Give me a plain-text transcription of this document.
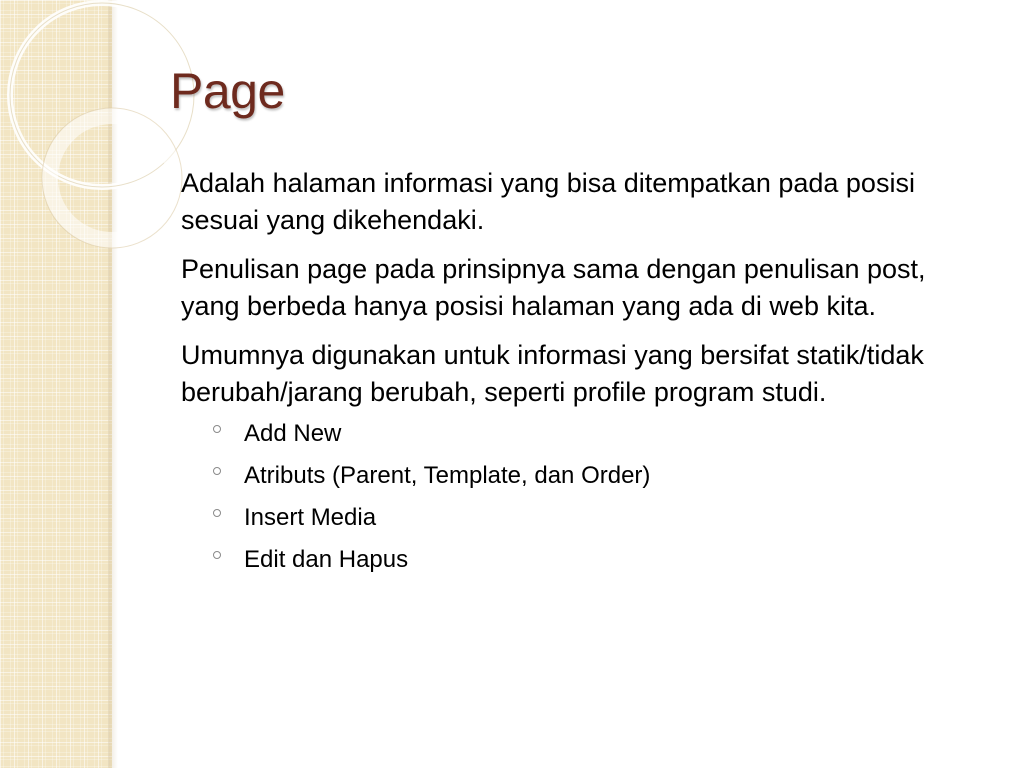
Page

Adalah halaman informasi yang bisa ditempatkan pada posisi sesuai yang dikehendaki.

Penulisan page pada prinsipnya sama dengan penulisan post, yang berbeda hanya posisi halaman yang ada di web kita.

Umumnya digunakan untuk informasi yang bersifat statik/tidak berubah/jarang berubah, seperti profile program studi.

Add New
Atributs (Parent, Template, dan Order)
Insert Media
Edit dan Hapus
